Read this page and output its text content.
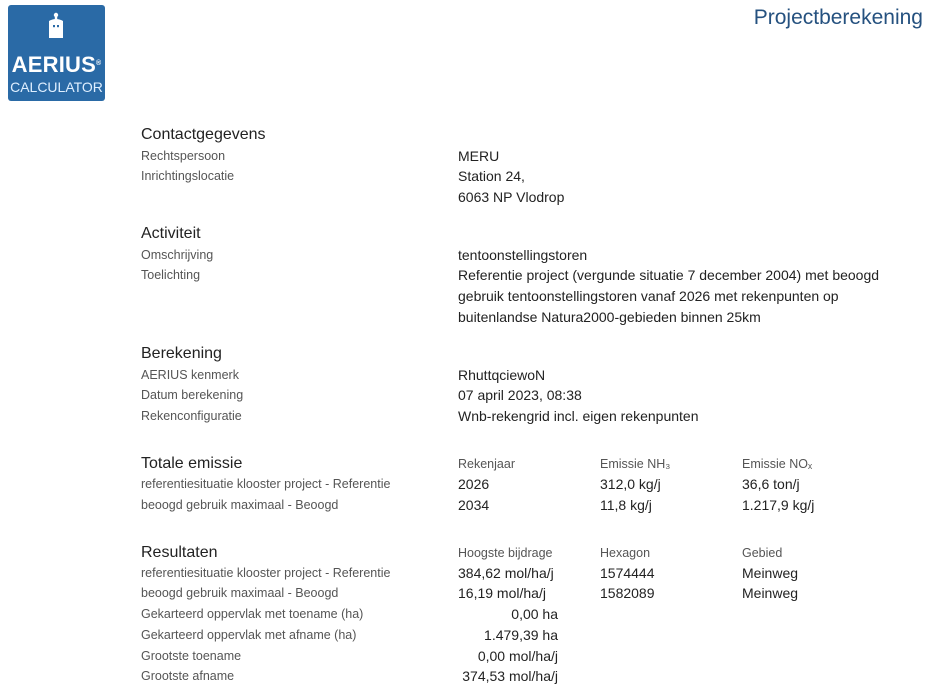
AERIUS®
CALCULATOR
Projectberekening
Contactgegevens
Rechtspersoon	MERU
Inrichtingslocatie	Station 24,
6063 NP Vlodrop
Activiteit
Omschrijving	tentoonstellingstoren
Toelichting	Referentie project (vergunde situatie 7 december 2004) met beoogd gebruik tentoonstellingstoren vanaf 2026 met rekenpunten op buitenlandse Natura2000-gebieden binnen 25km
Berekening
AERIUS kenmerk	RhuttqciewoN
Datum berekening	07 april 2023, 08:38
Rekenconfiguratie	Wnb-rekengrid incl. eigen rekenpunten
Totale emissie	Rekenjaar	Emissie NH₃	Emissie NOₓ
referentiesituatie klooster project - Referentie	2026	312,0 kg/j	36,6 ton/j
beoogd gebruik maximaal - Beoogd	2034	11,8 kg/j	1.217,9 kg/j
Resultaten	Hoogste bijdrage	Hexagon	Gebied
referentiesituatie klooster project - Referentie	384,62 mol/ha/j	1574444	Meinweg
beoogd gebruik maximaal - Beoogd	16,19 mol/ha/j	1582089	Meinweg
Gekarteerd oppervlak met toename (ha)	0,00 ha
Gekarteerd oppervlak met afname (ha)	1.479,39 ha
Grootste toename	0,00 mol/ha/j
Grootste afname	374,53 mol/ha/j
